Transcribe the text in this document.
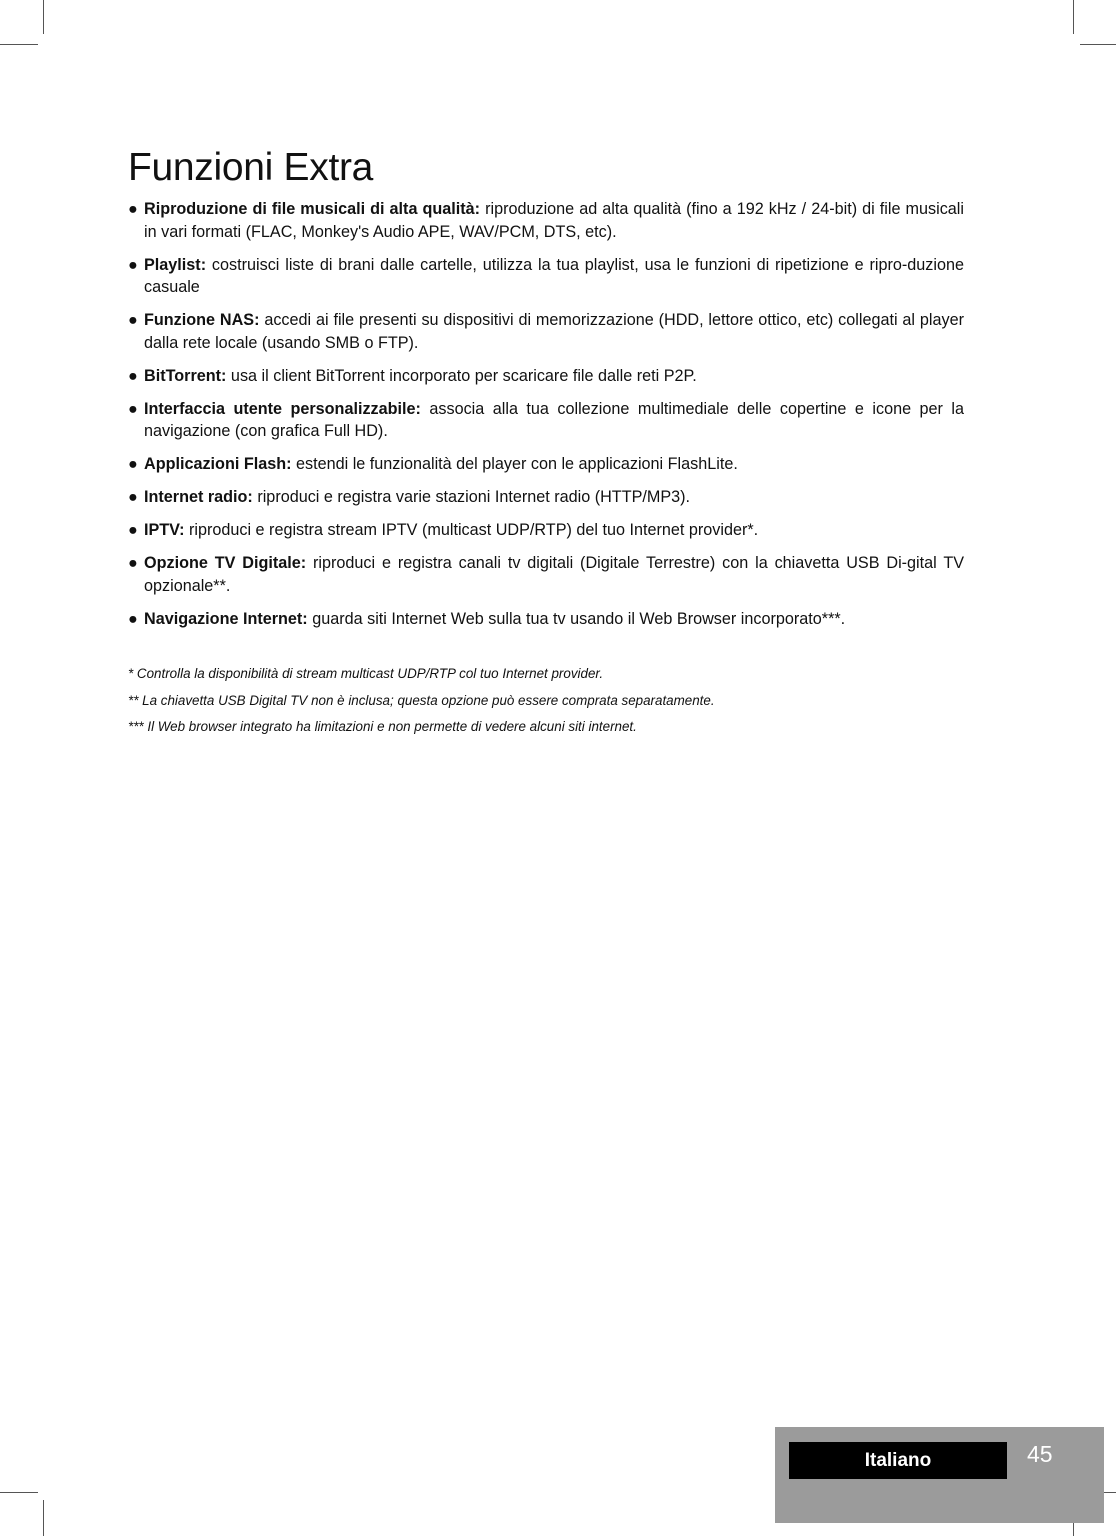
Funzioni Extra
● Riproduzione di file musicali di alta qualità: riproduzione ad alta qualità (fino a 192 kHz / 24-bit) di file musicali in vari formati (FLAC, Monkey's Audio APE, WAV/PCM, DTS, etc).
● Playlist: costruisci liste di brani dalle cartelle, utilizza la tua playlist, usa le funzioni di ripetizione e ripro-duzione casuale
● Funzione NAS: accedi ai file presenti su dispositivi di memorizzazione (HDD, lettore ottico, etc) collegati al player dalla rete locale (usando SMB o FTP).
● BitTorrent: usa il client BitTorrent incorporato per scaricare file dalle reti P2P.
● Interfaccia utente personalizzabile: associa alla tua collezione multimediale delle copertine e icone per la navigazione (con grafica Full HD).
● Applicazioni Flash: estendi le funzionalità del player con le applicazioni FlashLite.
● Internet radio: riproduci e registra varie stazioni Internet radio (HTTP/MP3).
● IPTV: riproduci e registra stream IPTV (multicast UDP/RTP) del tuo Internet provider*.
● Opzione TV Digitale: riproduci e registra canali tv digitali (Digitale Terrestre) con la chiavetta USB Di-gital TV opzionale**.
● Navigazione Internet: guarda siti Internet Web sulla tua tv usando il Web Browser incorporato***.

* Controlla la disponibilità di stream multicast UDP/RTP col tuo Internet provider.

** La chiavetta USB Digital TV non è inclusa; questa opzione può essere comprata separatamente.

*** Il Web browser integrato ha limitazioni e non permette di vedere alcuni siti internet.

Italiano	45
